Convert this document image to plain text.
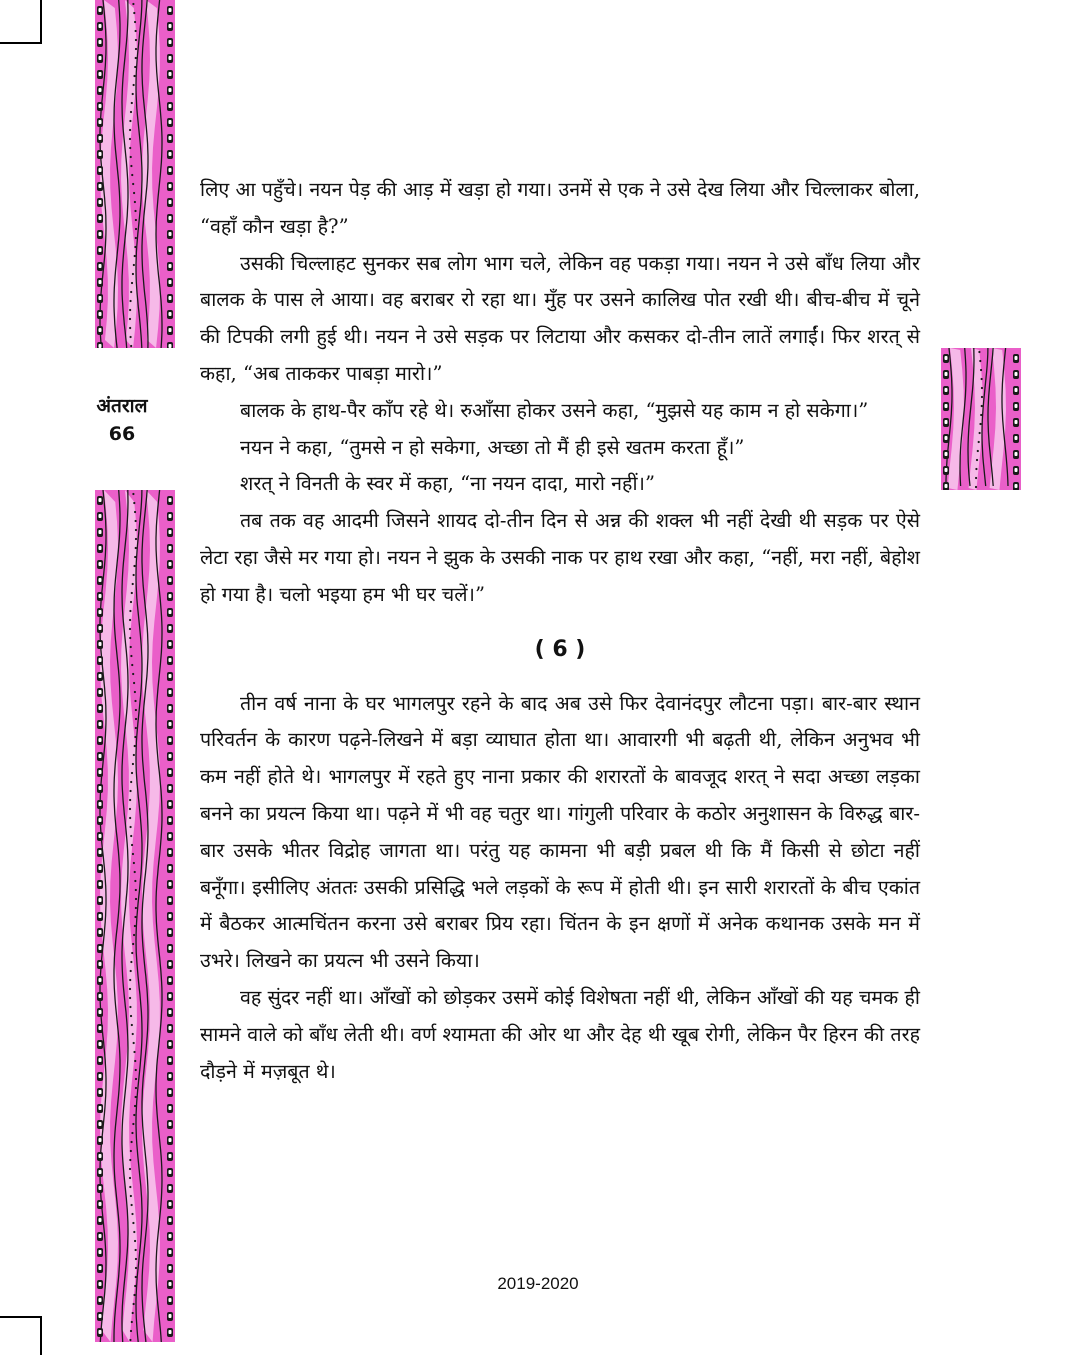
अंतराल
66

लिए आ पहुँचे। नयन पेड़ की आड़ में खड़ा हो गया। उनमें से एक ने उसे देख लिया और चिल्लाकर बोला, “वहाँ कौन खड़ा है?”

उसकी चिल्लाहट सुनकर सब लोग भाग चले, लेकिन वह पकड़ा गया। नयन ने उसे बाँध लिया और बालक के पास ले आया। वह बराबर रो रहा था। मुँह पर उसने कालिख पोत रखी थी। बीच-बीच में चूने की टिपकी लगी हुई थी। नयन ने उसे सड़क पर लिटाया और कसकर दो-तीन लातें लगाईं। फिर शरत् से कहा, “अब ताककर पाबड़ा मारो।”

बालक के हाथ-पैर काँप रहे थे। रुआँसा होकर उसने कहा, “मुझसे यह काम न हो सकेगा।”

नयन ने कहा, “तुमसे न हो सकेगा, अच्छा तो मैं ही इसे खतम करता हूँ।”

शरत् ने विनती के स्वर में कहा, “ना नयन दादा, मारो नहीं।”

तब तक वह आदमी जिसने शायद दो-तीन दिन से अन्न की शक्ल भी नहीं देखी थी सड़क पर ऐसे लेटा रहा जैसे मर गया हो। नयन ने झुक के उसकी नाक पर हाथ रखा और कहा, “नहीं, मरा नहीं, बेहोश हो गया है। चलो भइया हम भी घर चलें।”

( 6 )

तीन वर्ष नाना के घर भागलपुर रहने के बाद अब उसे फिर देवानंदपुर लौटना पड़ा। बार-बार स्थान परिवर्तन के कारण पढ़ने-लिखने में बड़ा व्याघात होता था। आवारगी भी बढ़ती थी, लेकिन अनुभव भी कम नहीं होते थे। भागलपुर में रहते हुए नाना प्रकार की शरारतों के बावजूद शरत् ने सदा अच्छा लड़का बनने का प्रयत्न किया था। पढ़ने में भी वह चतुर था। गांगुली परिवार के कठोर अनुशासन के विरुद्ध बार-बार उसके भीतर विद्रोह जागता था। परंतु यह कामना भी बड़ी प्रबल थी कि मैं किसी से छोटा नहीं बनूँगा। इसीलिए अंततः उसकी प्रसिद्धि भले लड़कों के रूप में होती थी। इन सारी शरारतों के बीच एकांत में बैठकर आत्मचिंतन करना उसे बराबर प्रिय रहा। चिंतन के इन क्षणों में अनेक कथानक उसके मन में उभरे। लिखने का प्रयत्न भी उसने किया।

वह सुंदर नहीं था। आँखों को छोड़कर उसमें कोई विशेषता नहीं थी, लेकिन आँखों की यह चमक ही सामने वाले को बाँध लेती थी। वर्ण श्यामता की ओर था और देह थी खूब रोगी, लेकिन पैर हिरन की तरह दौड़ने में मज़बूत थे।

2019-2020
